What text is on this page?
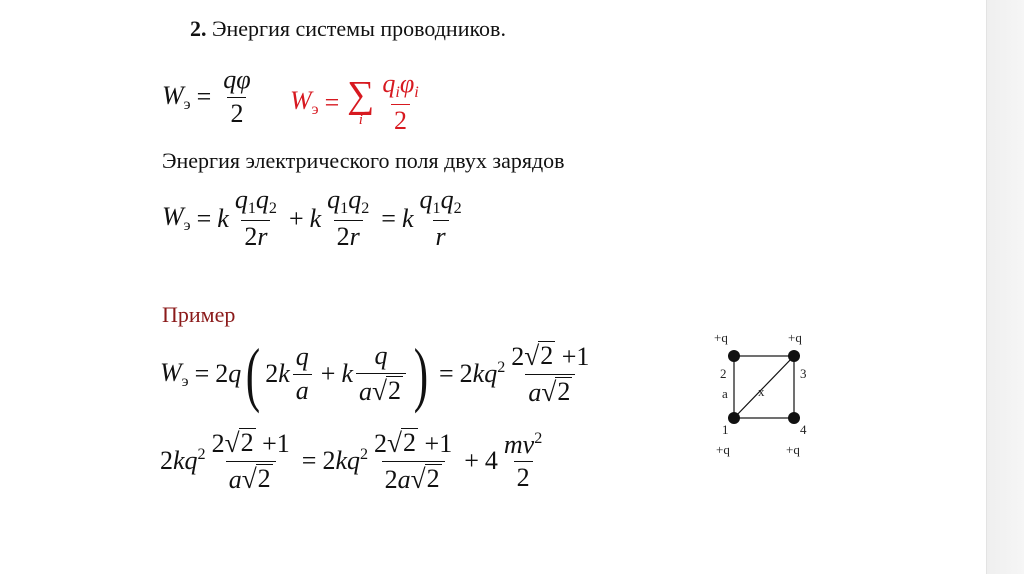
2. Энергия системы проводников.
$W_э = \frac{q\varphi}{2} W_э$ = ∑
i $\frac{q_i\varphi_i}{2}$
Энергия электрического поля двух зарядов
$W_э = k \frac{q_1q_2}{2r} + k \frac{q_1q_2}{2r} = k \frac{q_1q_2}{r}$
Пример
$W_э = 2q$ ( $2k \frac{q}{a} + k \frac{q}{a √ 2}$ ) = $2kq^2 \frac{2 √ 2 +1}{a √ 2}$
$2kq^2 \frac{2 √ 2 +1}{a √ 2} = 2kq^2 \frac{2 √ 2 +1}{2a √ 2} + 4 \frac{mv^2}{2}$
+q	+q
+q	+q
2	3
1	4
a x
